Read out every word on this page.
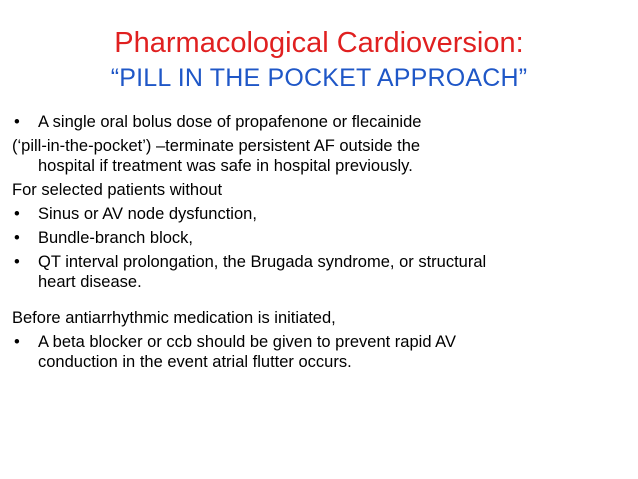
Pharmacological Cardioversion:
“PILL IN THE POCKET APPROACH”
• A single oral bolus dose of propafenone or flecainide
(‘pill-in-the-pocket’) –terminate persistent AF outside the
hospital if treatment was safe in hospital previously.
For selected patients without
• Sinus or AV node dysfunction,
• Bundle-branch block,
• QT interval prolongation, the Brugada syndrome, or structural
heart disease.
Before antiarrhythmic medication is initiated,
• A beta blocker or ccb should be given to prevent rapid AV
conduction in the event atrial flutter occurs.
